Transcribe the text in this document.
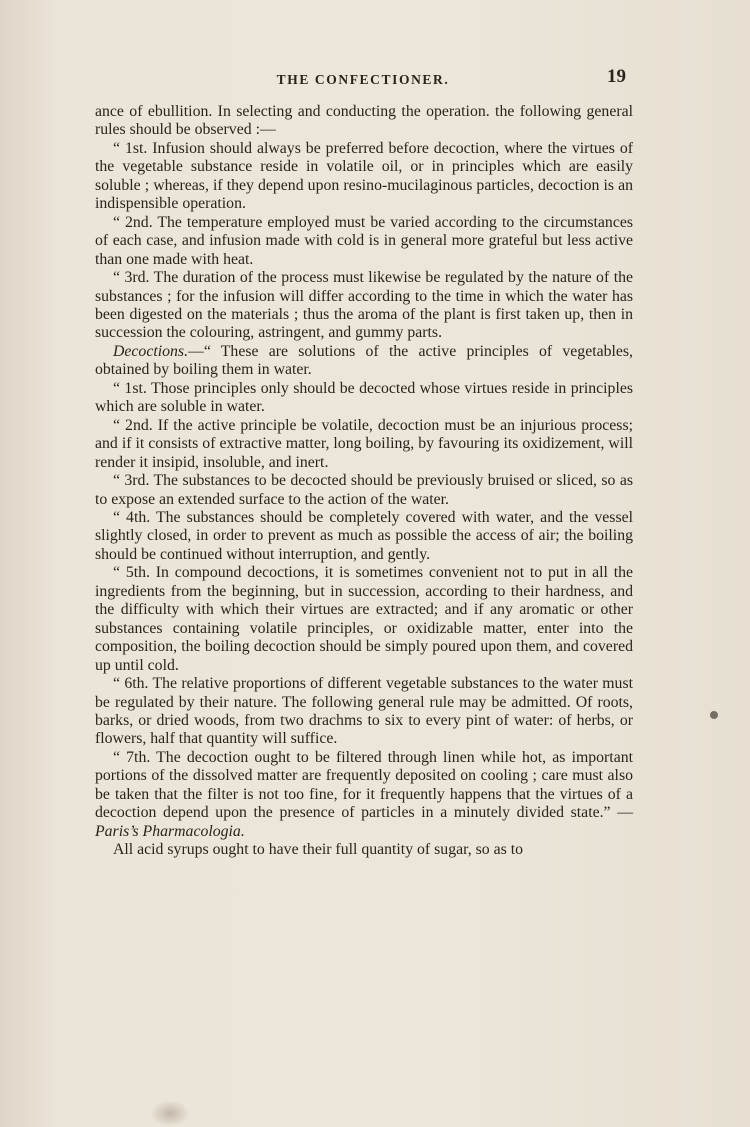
THE CONFECTIONER.	19

ance of ebullition. In selecting and conducting the operation. the following general rules should be observed :—

“ 1st. Infusion should always be preferred before decoction, where the virtues of the vegetable substance reside in volatile oil, or in principles which are easily soluble ; whereas, if they depend upon resino-mucilaginous particles, decoction is an indispensible operation.

“ 2nd. The temperature employed must be varied according to the circumstances of each case, and infusion made with cold is in general more grateful but less active than one made with heat.

“ 3rd. The duration of the process must likewise be regulated by the nature of the substances ; for the infusion will differ according to the time in which the water has been digested on the materials ; thus the aroma of the plant is first taken up, then in succession the colouring, astringent, and gummy parts.

Decoctions.—“ These are solutions of the active principles of vegetables, obtained by boiling them in water.

“ 1st. Those principles only should be decocted whose virtues reside in principles which are soluble in water.

“ 2nd. If the active principle be volatile, decoction must be an injurious process; and if it consists of extractive matter, long boiling, by favouring its oxidizement, will render it insipid, insoluble, and inert.

“ 3rd. The substances to be decocted should be previously bruised or sliced, so as to expose an extended surface to the action of the water.

“ 4th. The substances should be completely covered with water, and the vessel slightly closed, in order to prevent as much as possible the access of air; the boiling should be continued without interruption, and gently.

“ 5th. In compound decoctions, it is sometimes convenient not to put in all the ingredients from the beginning, but in succession, according to their hardness, and the difficulty with which their virtues are extracted; and if any aromatic or other substances containing volatile principles, or oxidizable matter, enter into the composition, the boiling decoction should be simply poured upon them, and covered up until cold.

“ 6th. The relative proportions of different vegetable substances to the water must be regulated by their nature. The following general rule may be admitted. Of roots, barks, or dried woods, from two drachms to six to every pint of water: of herbs, or flowers, half that quantity will suffice.

“ 7th. The decoction ought to be filtered through linen while hot, as important portions of the dissolved matter are frequently deposited on cooling ; care must also be taken that the filter is not too fine, for it frequently happens that the virtues of a decoction depend upon the presence of particles in a minutely divided state.” — Paris’s Pharmacologia.

All acid syrups ought to have their full quantity of sugar, so as to
